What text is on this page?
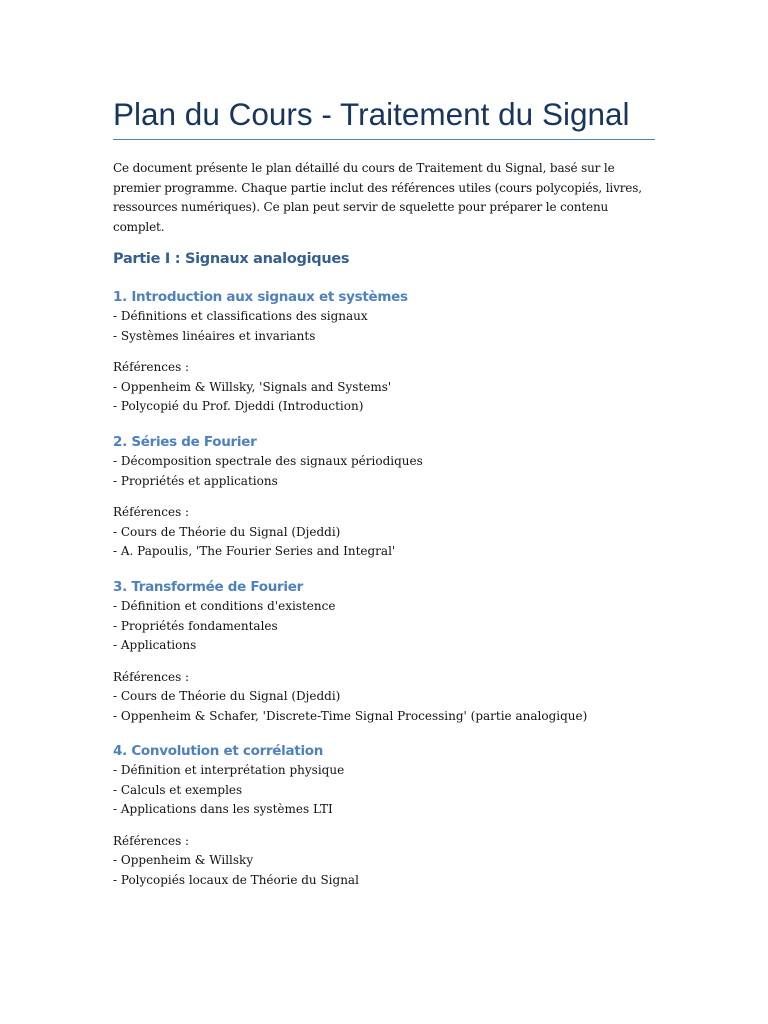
Plan du Cours - Traitement du Signal

Ce document présente le plan détaillé du cours de Traitement du Signal, basé sur le premier programme. Chaque partie inclut des références utiles (cours polycopiés, livres, ressources numériques). Ce plan peut servir de squelette pour préparer le contenu complet.

Partie I : Signaux analogiques
1. Introduction aux signaux et systèmes
- Définitions et classifications des signaux
- Systèmes linéaires et invariants
Références :
- Oppenheim & Willsky, 'Signals and Systems'
- Polycopié du Prof. Djeddi (Introduction)
2. Séries de Fourier
- Décomposition spectrale des signaux périodiques
- Propriétés et applications
Références :
- Cours de Théorie du Signal (Djeddi)
- A. Papoulis, 'The Fourier Series and Integral'
3. Transformée de Fourier
- Définition et conditions d'existence
- Propriétés fondamentales
- Applications
Références :
- Cours de Théorie du Signal (Djeddi)
- Oppenheim & Schafer, 'Discrete-Time Signal Processing' (partie analogique)
4. Convolution et corrélation
- Définition et interprétation physique
- Calculs et exemples
- Applications dans les systèmes LTI
Références :
- Oppenheim & Willsky
- Polycopiés locaux de Théorie du Signal
